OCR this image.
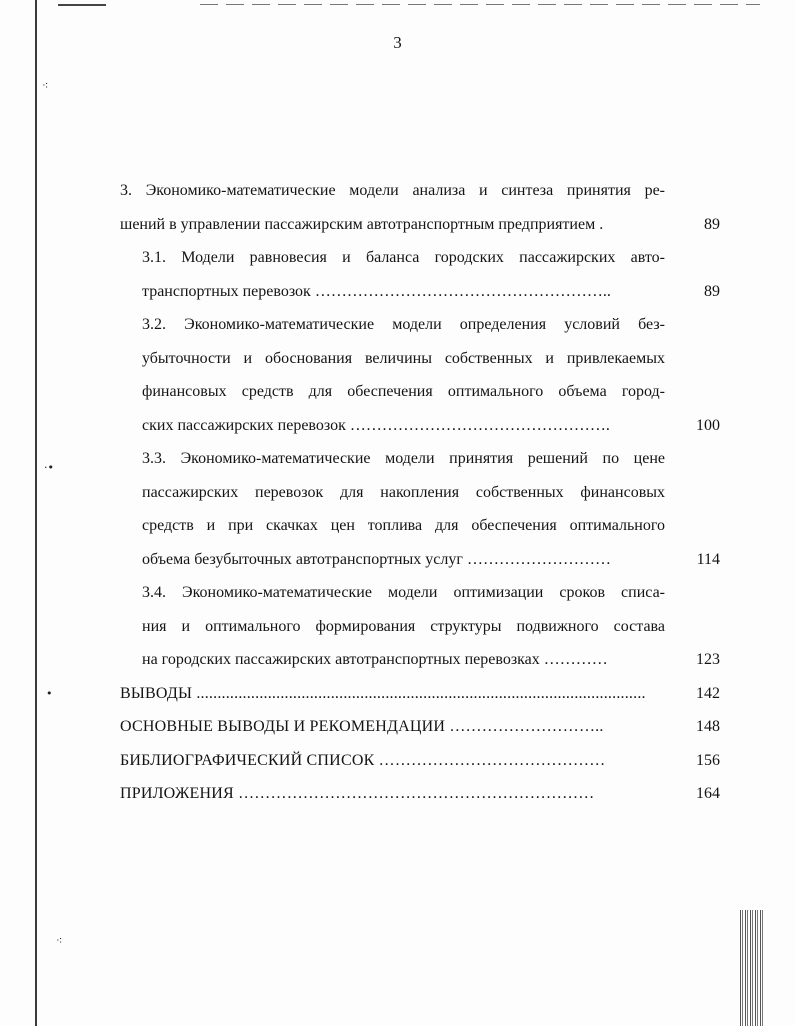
⁖
·•
•
⁖
3
3. Экономико-математические модели анализа и синтеза принятия ре-
шений в управлении пассажирским автотранспортным предприятием .	89
3.1. Модели равновесия и баланса городских пассажирских авто-
транспортных перевозок ………………………………………………..	89
3.2. Экономико-математические модели определения условий без-
убыточности и обоснования величины собственных и привлекаемых
финансовых средств для обеспечения оптимального объема город-
ских пассажирских перевозок ………………………………………….	100
3.3. Экономико-математические модели принятия решений по цене
пассажирских перевозок для накопления собственных финансовых
средств и при скачках цен топлива для обеспечения оптимального
объема безубыточных автотранспортных услуг ………………………	114
3.4. Экономико-математические модели оптимизации сроков списа-
ния и оптимального формирования структуры подвижного состава
на городских пассажирских автотранспортных перевозках …………	123
ВЫВОДЫ ...........................................................................................................	142
ОСНОВНЫЕ ВЫВОДЫ И РЕКОМЕНДАЦИИ ………………………..	148
БИБЛИОГРАФИЧЕСКИЙ СПИСОК ……………………………………	156
ПРИЛОЖЕНИЯ …………………………………………………………	164
